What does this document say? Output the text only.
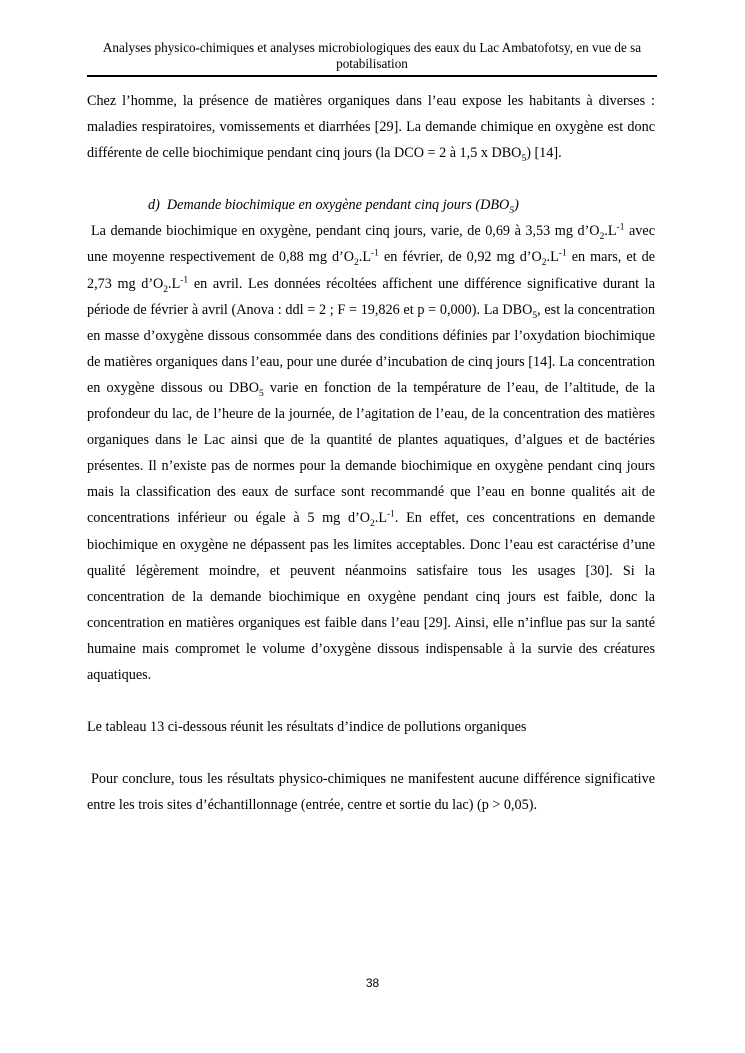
Analyses physico-chimiques et analyses microbiologiques des eaux du Lac Ambatofotsy, en vue de sa
potabilisation

Chez l’homme, la présence de matières organiques dans l’eau expose les habitants à diverses : maladies respiratoires, vomissements et diarrhées [29]. La demande chimique en oxygène est donc différente de celle biochimique pendant cinq jours (la DCO = 2 à 1,5 x $DBO_5$) [14].

d) Demande biochimique en oxygène pendant cinq jours $(DBO_5)$

La demande biochimique en oxygène, pendant cinq jours, varie, de 0,69 à 3,53 mg $d’O_2.L^{-1}$ avec une moyenne respectivement de 0,88 mg $d’O_2.L^{-1}$ en février, de 0,92 mg $d’O_2.L^{-1}$ en mars, et de 2,73 mg $d’O_2.L^{-1}$ en avril. Les données récoltées affichent une différence significative durant la période de février à avril (Anova : ddl = 2 ; F = 19,826 et p = 0,000). La $DBO_5$, est la concentration en masse d’oxygène dissous consommée dans des conditions définies par l’oxydation biochimique de matières organiques dans l’eau, pour une durée d’incubation de cinq jours [14]. La concentration en oxygène dissous ou $DBO_5$ varie en fonction de la température de l’eau, de l’altitude, de la profondeur du lac, de l’heure de la journée, de l’agitation de l’eau, de la concentration des matières organiques dans le Lac ainsi que de la quantité de plantes aquatiques, d’algues et de bactéries présentes. Il n’existe pas de normes pour la demande biochimique en oxygène pendant cinq jours mais la classification des eaux de surface sont recommandé que l’eau en bonne qualités ait de concentrations inférieur ou égale à 5 mg $d’O_2.L^{-1}$. En effet, ces concentrations en demande biochimique en oxygène ne dépassent pas les limites acceptables. Donc l’eau est caractérise d’une qualité légèrement moindre, et peuvent néanmoins satisfaire tous les usages [30]. Si la concentration de la demande biochimique en oxygène pendant cinq jours est faible, donc la concentration en matières organiques est faible dans l’eau [29]. Ainsi, elle n’influe pas sur la santé humaine mais compromet le volume d’oxygène dissous indispensable à la survie des créatures aquatiques.

Le tableau 13 ci-dessous réunit les résultats d’indice de pollutions organiques

Pour conclure, tous les résultats physico-chimiques ne manifestent aucune différence significative entre les trois sites d’échantillonnage (entrée, centre et sortie du lac) (p > 0,05).

38
